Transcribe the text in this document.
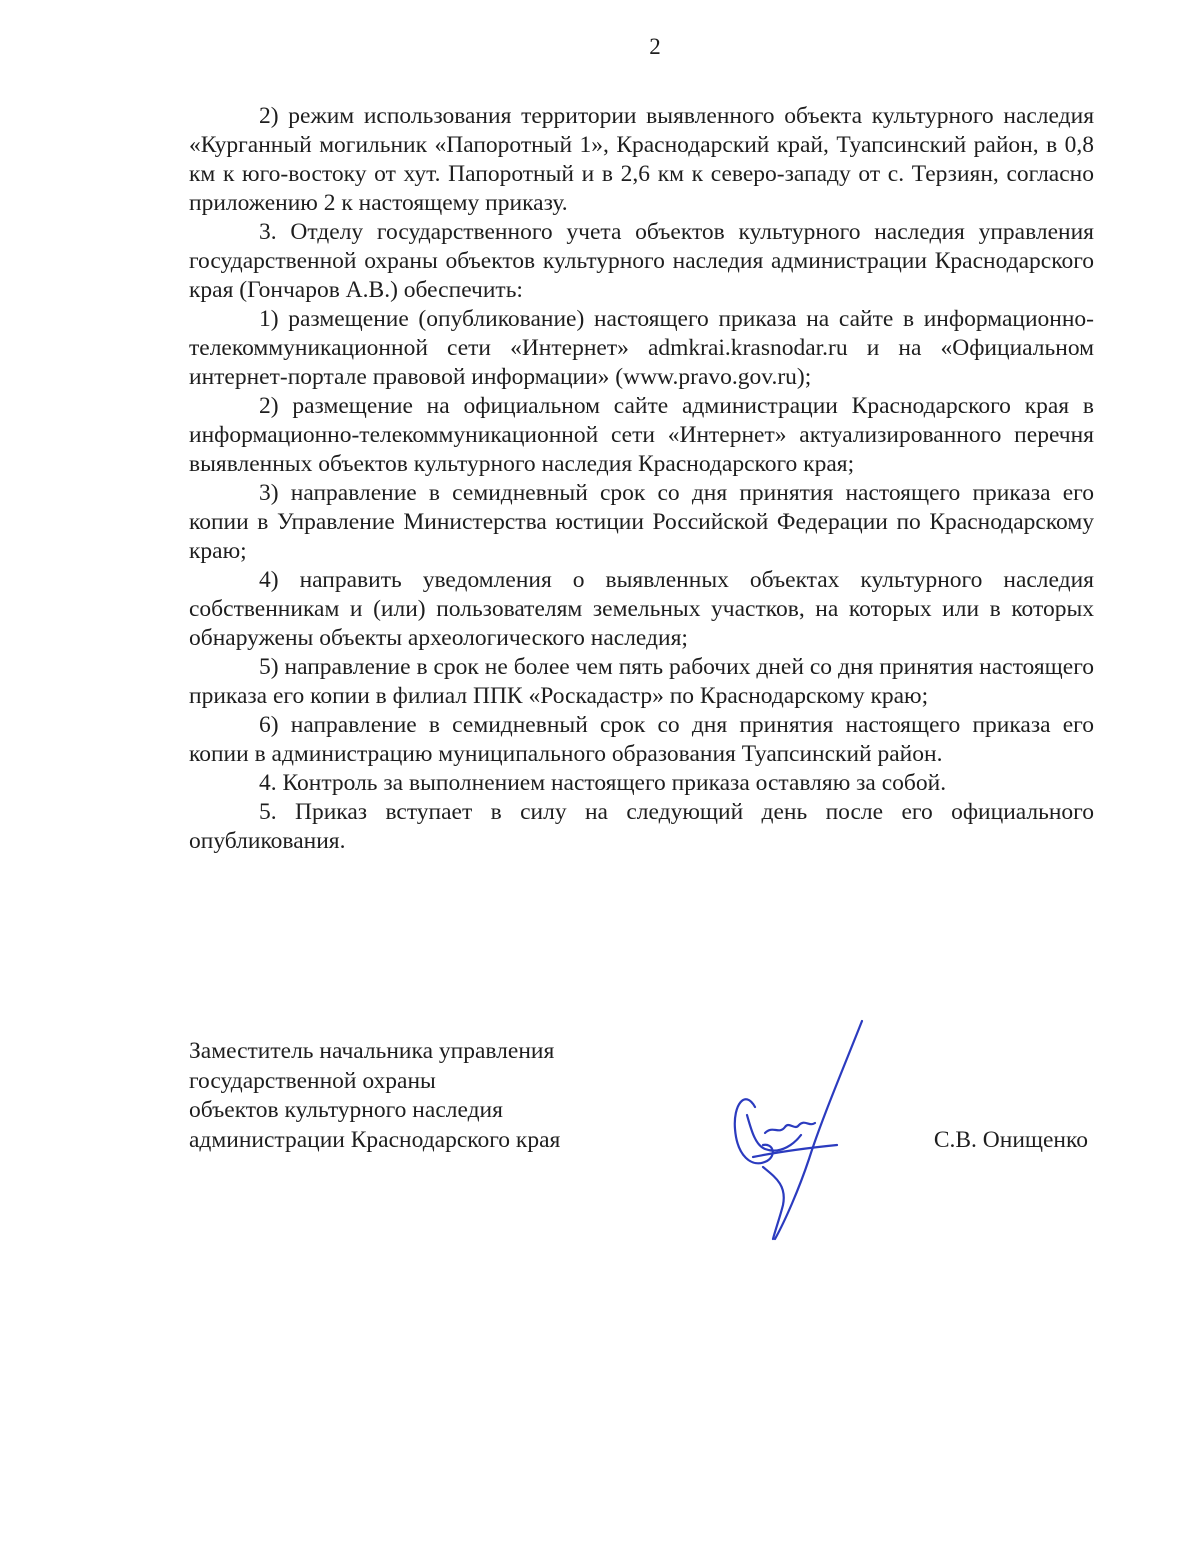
2

2) режим использования территории выявленного объекта культурного наследия «Курганный могильник «Папоротный 1», Краснодарский край, Туапсинский район, в 0,8 км к юго-востоку от хут. Папоротный и в 2,6 км к северо-западу от с. Терзиян, согласно приложению 2 к настоящему приказу.

3. Отделу государственного учета объектов культурного наследия управления государственной охраны объектов культурного наследия администрации Краснодарского края (Гончаров А.В.) обеспечить:

1) размещение (опубликование) настоящего приказа на сайте в информационно-телекоммуникационной сети «Интернет» admkrai.krasnodar.ru и на «Официальном интернет-портале правовой информации» (www.pravo.gov.ru);

2) размещение на официальном сайте администрации Краснодарского края в информационно-телекоммуникационной сети «Интернет» актуализированного перечня выявленных объектов культурного наследия Краснодарского края;

3) направление в семидневный срок со дня принятия настоящего приказа его копии в Управление Министерства юстиции Российской Федерации по Краснодарскому краю;

4) направить уведомления о выявленных объектах культурного наследия собственникам и (или) пользователям земельных участков, на которых или в которых обнаружены объекты археологического наследия;

5) направление в срок не более чем пять рабочих дней со дня принятия настоящего приказа его копии в филиал ППК «Роскадастр» по Краснодарскому краю;

6) направление в семидневный срок со дня принятия настоящего приказа его копии в администрацию муниципального образования Туапсинский район.

4. Контроль за выполнением настоящего приказа оставляю за собой.

5. Приказ вступает в силу на следующий день после его официального опубликования.

Заместитель начальника управления
государственной охраны
объектов культурного наследия
администрации Краснодарского края	С.В. Онищенко
